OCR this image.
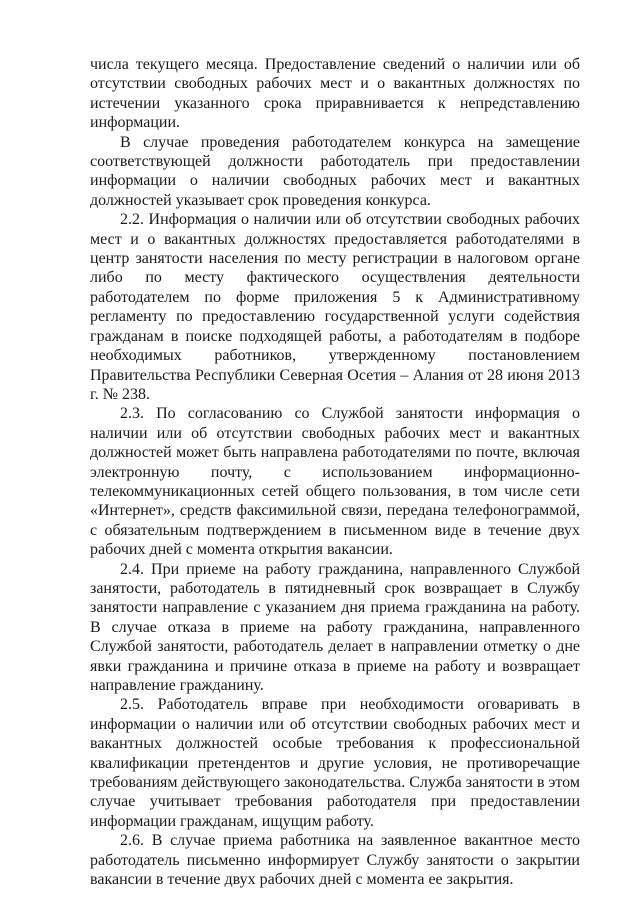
числа текущего месяца. Предоставление сведений о наличии или об отсутствии свободных рабочих мест и о вакантных должностях по истечении указанного срока приравнивается к непредставлению информации.

В случае проведения работодателем конкурса на замещение соответствующей должности работодатель при предоставлении информации о наличии свободных рабочих мест и вакантных должностей указывает срок проведения конкурса.

2.2. Информация о наличии или об отсутствии свободных рабочих мест и о вакантных должностях предоставляется работодателями в центр занятости населения по месту регистрации в налоговом органе либо по месту фактического осуществления деятельности работодателем по форме приложения 5 к Административному регламенту по предоставлению государственной услуги содействия гражданам в поиске подходящей работы, а работодателям в подборе необходимых работников, утвержденному постановлением Правительства Республики Северная Осетия – Алания от 28 июня 2013 г. № 238.

2.3. По согласованию со Службой занятости информация о наличии или об отсутствии свободных рабочих мест и вакантных должностей может быть направлена работодателями по почте, включая электронную почту, с использованием информационно-телекоммуникационных сетей общего пользования, в том числе сети «Интернет», средств факсимильной связи, передана телефонограммой, с обязательным подтверждением в письменном виде в течение двух рабочих дней с момента открытия вакансии.

2.4. При приеме на работу гражданина, направленного Службой занятости, работодатель в пятидневный срок возвращает в Службу занятости направление с указанием дня приема гражданина на работу. В случае отказа в приеме на работу гражданина, направленного Службой занятости, работодатель делает в направлении отметку о дне явки гражданина и причине отказа в приеме на работу и возвращает направление гражданину.

2.5. Работодатель вправе при необходимости оговаривать в информации о наличии или об отсутствии свободных рабочих мест и вакантных должностей особые требования к профессиональной квалификации претендентов и другие условия, не противоречащие требованиям действующего законодательства. Служба занятости в этом случае учитывает требования работодателя при предоставлении информации гражданам, ищущим работу.

2.6. В случае приема работника на заявленное вакантное место работодатель письменно информирует Службу занятости о закрытии вакансии в течение двух рабочих дней с момента ее закрытия.
